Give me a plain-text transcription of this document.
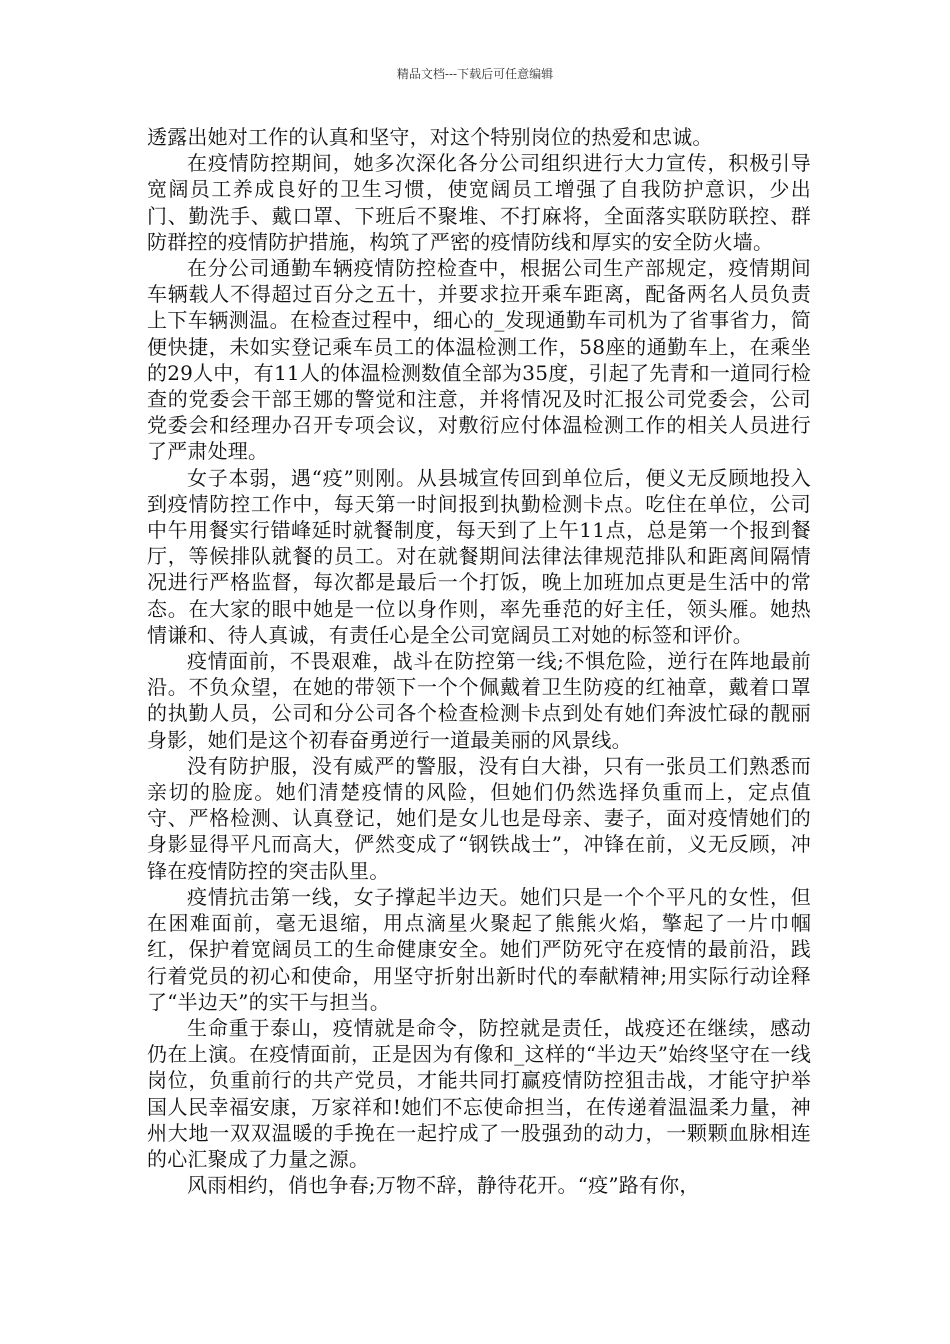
精品文档---下载后可任意编辑

透露出她对工作的认真和坚守，对这个特别岗位的热爱和忠诚。

在疫情防控期间，她多次深化各分公司组织进行大力宣传，积极引导宽阔员工养成良好的卫生习惯，使宽阔员工增强了自我防护意识，少出门、勤洗手、戴口罩、下班后不聚堆、不打麻将，全面落实联防联控、群防群控的疫情防护措施，构筑了严密的疫情防线和厚实的安全防火墙。

在分公司通勤车辆疫情防控检查中，根据公司生产部规定，疫情期间车辆载人不得超过百分之五十，并要求拉开乘车距离，配备两名人员负责上下车辆测温。在检查过程中，细心的_发现通勤车司机为了省事省力，简便快捷，未如实登记乘车员工的体温检测工作，58座的通勤车上，在乘坐的29人中，有11人的体温检测数值全部为35度，引起了先青和一道同行检查的党委会干部王娜的警觉和注意，并将情况及时汇报公司党委会，公司党委会和经理办召开专项会议，对敷衍应付体温检测工作的相关人员进行了严肃处理。

女子本弱，遇“疫”则刚。从县城宣传回到单位后，便义无反顾地投入到疫情防控工作中，每天第一时间报到执勤检测卡点。吃住在单位，公司中午用餐实行错峰延时就餐制度，每天到了上午11点，总是第一个报到餐厅，等候排队就餐的员工。对在就餐期间法律法律规范排队和距离间隔情况进行严格监督，每次都是最后一个打饭，晚上加班加点更是生活中的常态。在大家的眼中她是一位以身作则，率先垂范的好主任，领头雁。她热情谦和、待人真诚，有责任心是全公司宽阔员工对她的标签和评价。

疫情面前，不畏艰难，战斗在防控第一线;不惧危险，逆行在阵地最前沿。不负众望，在她的带领下一个个佩戴着卫生防疫的红袖章，戴着口罩的执勤人员，公司和分公司各个检查检测卡点到处有她们奔波忙碌的靓丽身影，她们是这个初春奋勇逆行一道最美丽的风景线。

没有防护服，没有威严的警服，没有白大褂，只有一张员工们熟悉而亲切的脸庞。她们清楚疫情的风险，但她们仍然选择负重而上，定点值守、严格检测、认真登记，她们是女儿也是母亲、妻子，面对疫情她们的身影显得平凡而高大，俨然变成了“钢铁战士”，冲锋在前，义无反顾，冲锋在疫情防控的突击队里。

疫情抗击第一线，女子撑起半边天。她们只是一个个平凡的女性，但在困难面前，毫无退缩，用点滴星火聚起了熊熊火焰，擎起了一片巾帼红，保护着宽阔员工的生命健康安全。她们严防死守在疫情的最前沿，践行着党员的初心和使命，用坚守折射出新时代的奉献精神;用实际行动诠释了“半边天”的实干与担当。

生命重于泰山，疫情就是命令，防控就是责任，战疫还在继续，感动仍在上演。在疫情面前，正是因为有像和_这样的“半边天”始终坚守在一线岗位，负重前行的共产党员，才能共同打赢疫情防控狙击战，才能守护举国人民幸福安康，万家祥和!她们不忘使命担当，在传递着温温柔力量，神州大地一双双温暖的手挽在一起拧成了一股强劲的动力，一颗颗血脉相连的心汇聚成了力量之源。

风雨相约，俏也争春;万物不辞，静待花开。“疫”路有你，
